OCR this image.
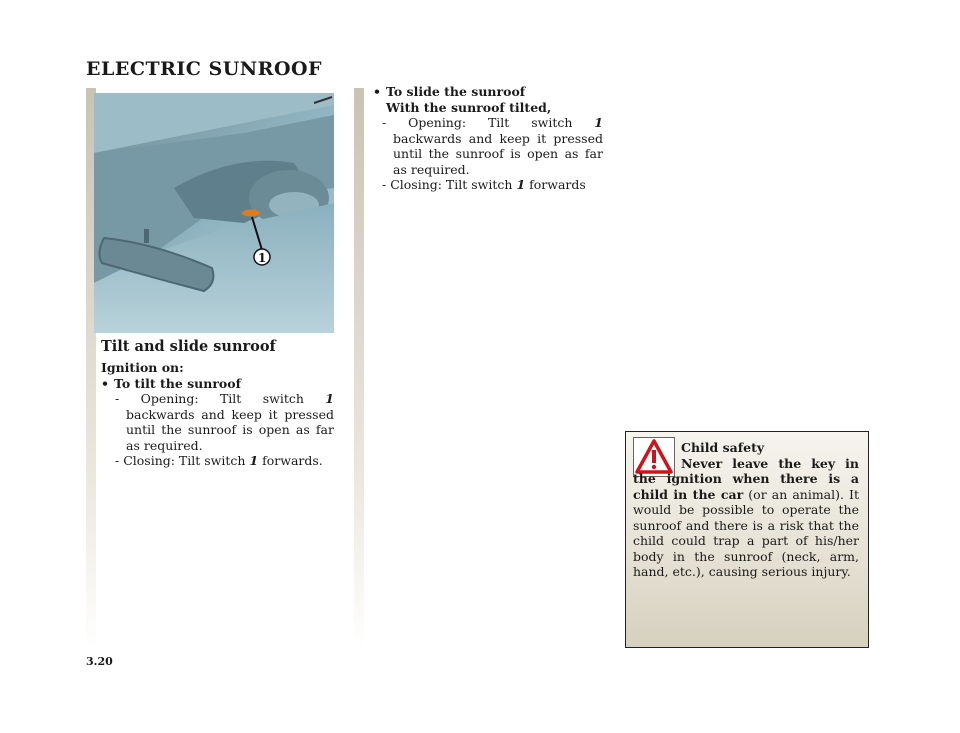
ELECTRIC SUNROOF
1
Tilt and slide sunroof
Ignition on:
• To tilt the sunroof
- Opening: Tilt switch 1 backwards and keep it pressed until the sunroof is open as far as required.
- Closing: Tilt switch 1 forwards.
• To slide the sunroof
With the sunroof tilted,
- Opening: Tilt switch 1 backwards and keep it pressed until the sunroof is open as far as required.
- Closing: Tilt switch 1 forwards
Child safety
Never leave the key in the ignition when there is a child in the car (or an animal). It would be possible to operate the sunroof and there is a risk that the child could trap a part of his/her body in the sunroof (neck, arm, hand, etc.), causing serious injury.
3.20
